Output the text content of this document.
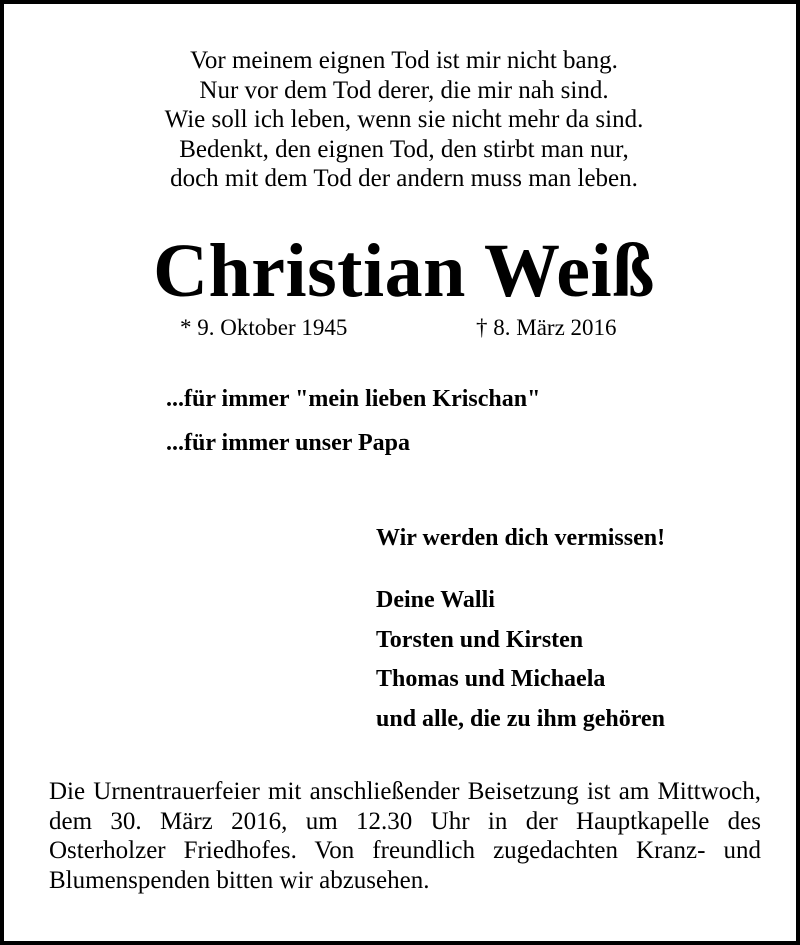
Vor meinem eignen Tod ist mir nicht bang.
Nur vor dem Tod derer, die mir nah sind.
Wie soll ich leben, wenn sie nicht mehr da sind.
Bedenkt, den eignen Tod, den stirbt man nur,
doch mit dem Tod der andern muss man leben.
Christian Weiß
* 9. Oktober 1945	† 8. März 2016
...für immer "mein lieben Krischan"
...für immer unser Papa
Wir werden dich vermissen!
Deine Walli
Torsten und Kirsten
Thomas und Michaela
und alle, die zu ihm gehören
Die Urnentrauerfeier mit anschließender Beisetzung ist am Mittwoch, dem 30. März 2016, um 12.30 Uhr in der Hauptkapelle des Osterholzer Friedhofes. Von freundlich zugedachten Kranz- und Blumenspenden bitten wir abzusehen.
